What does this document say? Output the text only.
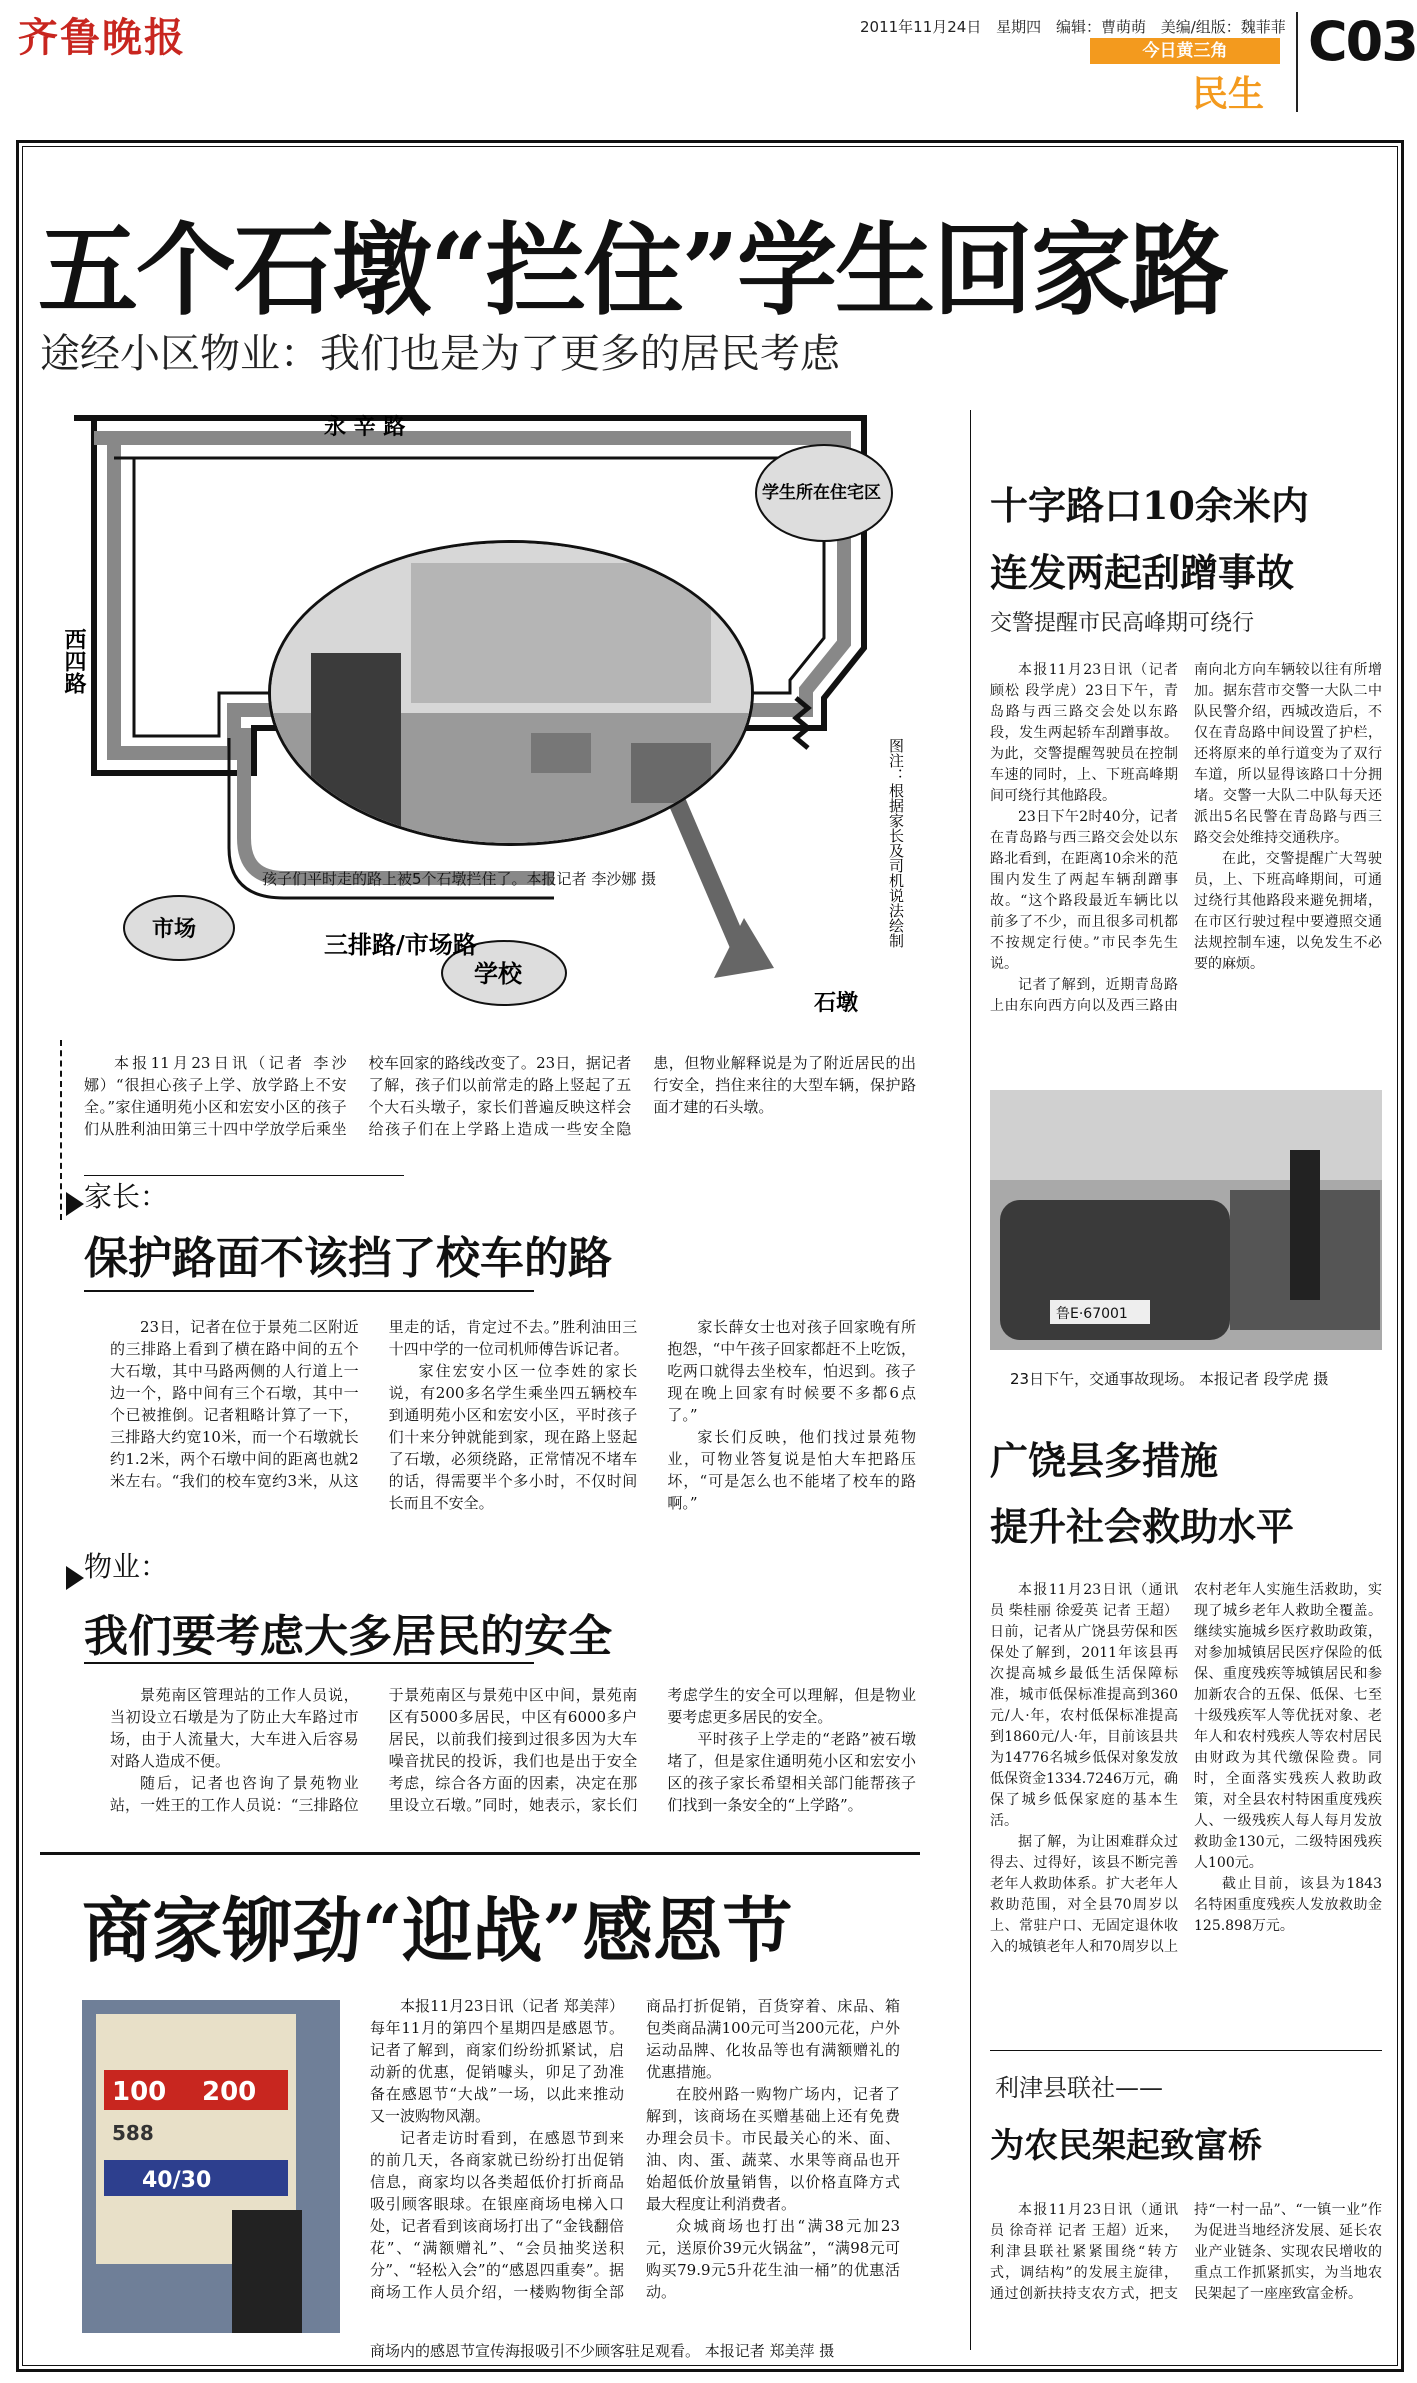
齐鲁晚报	2011年11月24日 星期四 编辑：曹萌萌 美编/组版：魏菲菲
今日黄三角
民生
C03
五个石墩“拦住”学生回家路
途经小区物业：我们也是为了更多的居民考虑
永 辛 路
西四路
学生所在住宅区
市场
三排路/市场路
学校
石墩
图注：根据家长及司机说法绘制
孩子们平时走的路上被5个石墩拦住了。本报记者 李沙娜 摄

本报11月23日讯（记者 李沙娜）“很担心孩子上学、放学路上不安全。”家住通明苑小区和宏安小区的孩子们从胜利油田第三十四中学放学后乘坐校车回家的路线改变了。23日，据记者了解，孩子们以前常走的路上竖起了五个大石头墩子，家长们普遍反映这样会给孩子们在上学路上造成一些安全隐患，但物业解释说是为了附近居民的出行安全，挡住来往的大型车辆，保护路面才建的石头墩。

家长：
保护路面不该挡了校车的路

23日，记者在位于景苑二区附近的三排路上看到了横在路中间的五个大石墩，其中马路两侧的人行道上一边一个，路中间有三个石墩，其中一个已被推倒。记者粗略计算了一下，三排路大约宽10米，而一个石墩就长约1.2米，两个石墩中间的距离也就2米左右。“我们的校车宽约3米，从这里走的话，肯定过不去。”胜利油田三十四中学的一位司机师傅告诉记者。

家住宏安小区一位李姓的家长说，有200多名学生乘坐四五辆校车到通明苑小区和宏安小区，平时孩子们十来分钟就能到家，现在路上竖起了石墩，必须绕路，正常情况不堵车的话，得需要半个多小时，不仅时间长而且不安全。

家长薛女士也对孩子回家晚有所抱怨，“中午孩子回家都赶不上吃饭，吃两口就得去坐校车，怕迟到。孩子现在晚上回家有时候要不多都6点了。”

家长们反映，他们找过景苑物业，可物业答复说是怕大车把路压坏，“可是怎么也不能堵了校车的路啊。”

物业：
我们要考虑大多居民的安全

景苑南区管理站的工作人员说，当初设立石墩是为了防止大车路过市场，由于人流量大，大车进入后容易对路人造成不便。

随后，记者也咨询了景苑物业站，一姓王的工作人员说：“三排路位于景苑南区与景苑中区中间，景苑南区有5000多居民，中区有6000多户居民，以前我们接到过很多因为大车噪音扰民的投诉，我们也是出于安全考虑，综合各方面的因素，决定在那里设立石墩。”同时，她表示，家长们考虑学生的安全可以理解，但是物业要考虑更多居民的安全。

平时孩子上学走的“老路”被石墩堵了，但是家住通明苑小区和宏安小区的孩子家长希望相关部门能帮孩子们找到一条安全的“上学路”。

商家铆劲“迎战”感恩节
100 200
588
40/30

本报11月23日讯（记者 郑美萍）每年11月的第四个星期四是感恩节。记者了解到，商家们纷纷抓紧试，启动新的优惠，促销噱头，卯足了劲准备在感恩节“大战”一场，以此来推动又一波购物风潮。

记者走访时看到，在感恩节到来的前几天，各商家就已纷纷打出促销信息，商家均以各类超低价打折商品吸引顾客眼球。在银座商场电梯入口处，记者看到该商场打出了“金钱翻倍花”、“满额赠礼”、“会员抽奖送积分”、“轻松入会”的“感恩四重奏”。据商场工作人员介绍，一楼购物街全部商品打折促销，百货穿着、床品、箱包类商品满100元可当200元花，户外运动品牌、化妆品等也有满额赠礼的优惠措施。

在胶州路一购物广场内，记者了解到，该商场在买赠基础上还有免费办理会员卡。市民最关心的米、面、油、肉、蛋、蔬菜、水果等商品也开始超低价放量销售，以价格直降方式最大程度让利消费者。

众城商场也打出“满38元加23元，送原价39元火锅盆”，“满98元可购买79.9元5升花生油一桶”的优惠活动。

商场内的感恩节宣传海报吸引不少顾客驻足观看。 本报记者 郑美萍 摄
十字路口10余米内
连发两起刮蹭事故
交警提醒市民高峰期可绕行

本报11月23日讯（记者 顾松 段学虎）23日下午，青岛路与西三路交会处以东路段，发生两起轿车刮蹭事故。为此，交警提醒驾驶员在控制车速的同时，上、下班高峰期间可绕行其他路段。

23日下午2时40分，记者在青岛路与西三路交会处以东路北看到，在距离10余米的范围内发生了两起车辆刮蹭事故。“这个路段最近车辆比以前多了不少，而且很多司机都不按规定行使。”市民李先生说。

记者了解到，近期青岛路上由东向西方向以及西三路由南向北方向车辆较以往有所增加。据东营市交警一大队二中队民警介绍，西城改造后，不仅在青岛路中间设置了护栏，还将原来的单行道变为了双行车道，所以显得该路口十分拥堵。交警一大队二中队每天还派出5名民警在青岛路与西三路交会处维持交通秩序。

在此，交警提醒广大驾驶员，上、下班高峰期间，可通过绕行其他路段来避免拥堵，在市区行驶过程中要遵照交通法规控制车速，以免发生不必要的麻烦。

鲁E·67001
23日下午，交通事故现场。 本报记者 段学虎 摄
广饶县多措施
提升社会救助水平

本报11月23日讯（通讯员 柴桂丽 徐爱英 记者 王超）日前，记者从广饶县劳保和医保处了解到，2011年该县再次提高城乡最低生活保障标准，城市低保标准提高到360元/人·年，农村低保标准提高到1860元/人·年，目前该县共为14776名城乡低保对象发放低保资金1334.7246万元，确保了城乡低保家庭的基本生活。

据了解，为让困难群众过得去、过得好，该县不断完善老年人救助体系。扩大老年人救助范围，对全县70周岁以上、常驻户口、无固定退休收入的城镇老年人和70周岁以上农村老年人实施生活救助，实现了城乡老年人救助全覆盖。继续实施城乡医疗救助政策，对参加城镇居民医疗保险的低保、重度残疾等城镇居民和参加新农合的五保、低保、七至十级残疾军人等优抚对象、老年人和农村残疾人等农村居民由财政为其代缴保险费。同时，全面落实残疾人救助政策，对全县农村特困重度残疾人、一级残疾人每人每月发放救助金130元，二级特困残疾人100元。

截止目前，该县为1843名特困重度残疾人发放救助金125.898万元。

利津县联社——
为农民架起致富桥

本报11月23日讯（通讯员 徐奇祥 记者 王超）近来，利津县联社紧紧围绕“转方式，调结构”的发展主旋律，通过创新扶持支农方式，把支持“一村一品”、“一镇一业”作为促进当地经济发展、延长农业产业链条、实现农民增收的重点工作抓紧抓实，为当地农民架起了一座座致富金桥。
